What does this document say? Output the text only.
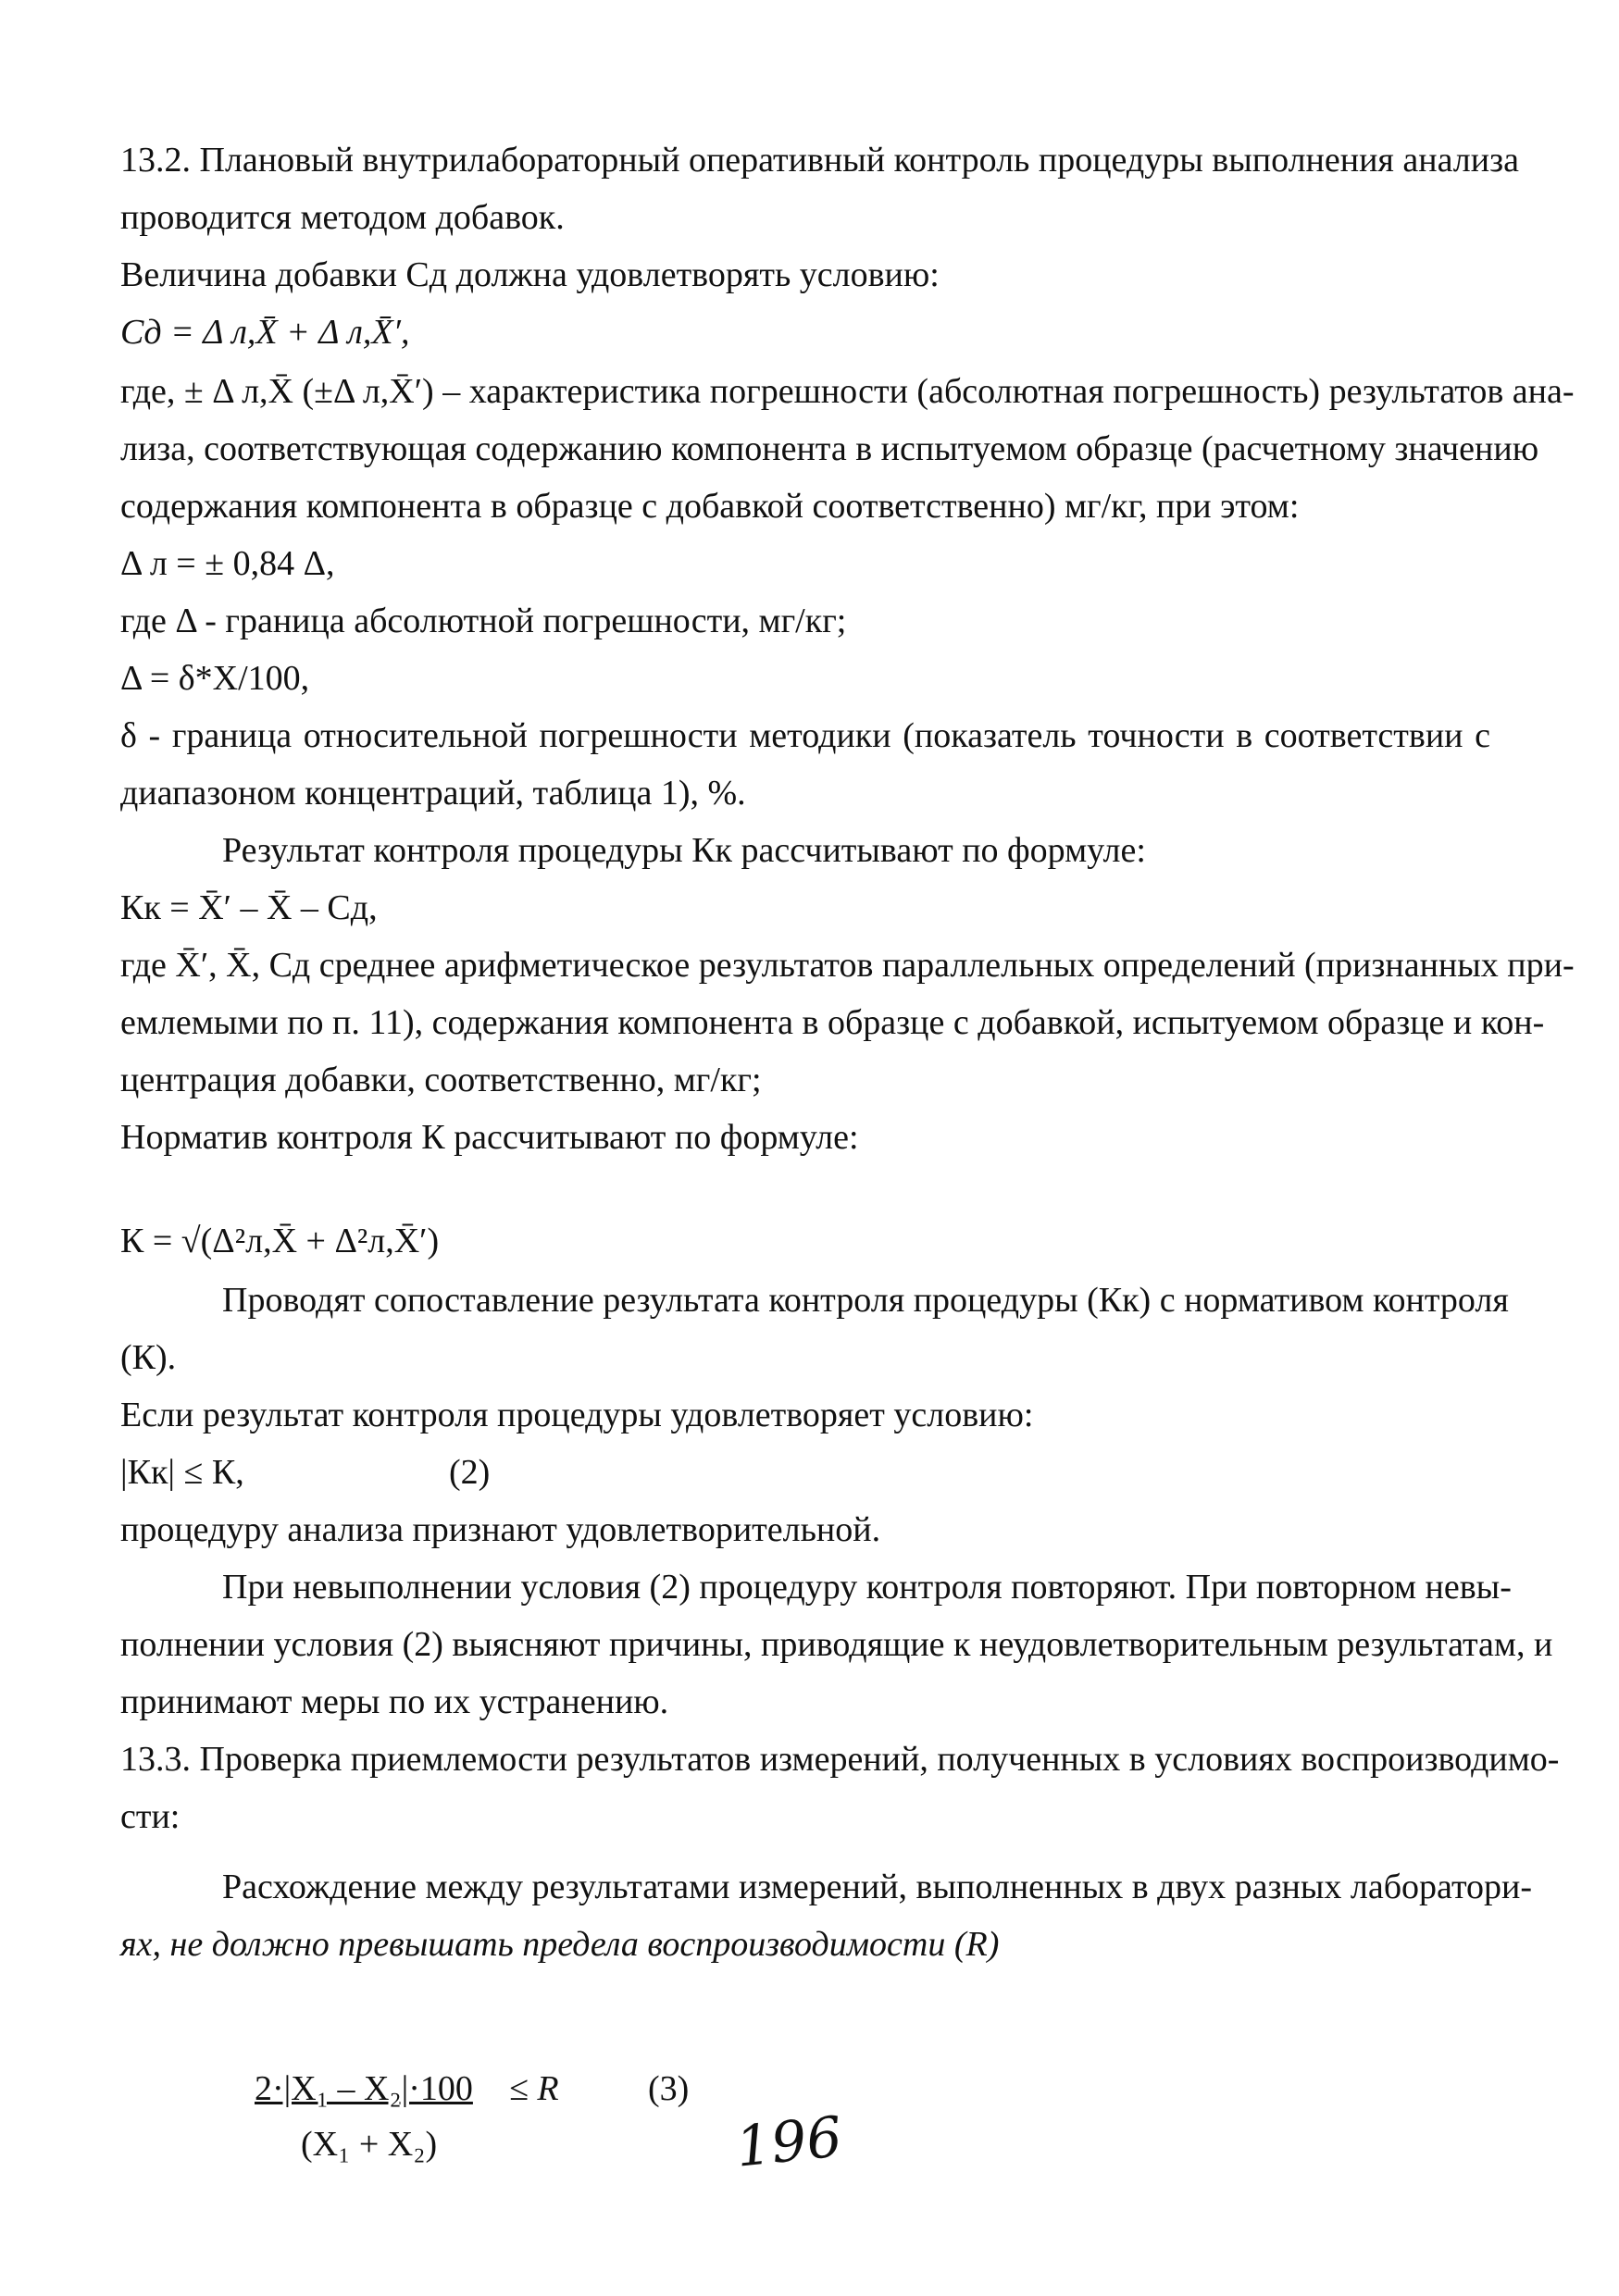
13.2. Плановый внутрилабораторный оперативный контроль процедуры выполнения анализа
проводится методом добавок.
Величина добавки Cд должна удовлетворять условию:
Cд = Δ л,X̄ + Δ л,X̄′,
где, ± Δ л,X̄ (±Δ л,X̄′) – характеристика погрешности (абсолютная погрешность) результатов ана-
лиза, соответствующая содержанию компонента в испытуемом образце (расчетному значению
содержания компонента в образце с добавкой соответственно) мг/кг, при этом:
Δ л = ± 0,84 Δ,
где Δ - граница абсолютной погрешности, мг/кг;
Δ = δ*X/100,
δ - граница относительной погрешности методики (показатель точности в соответствии с
диапазоном концентраций, таблица 1), %.
Результат контроля процедуры Кк рассчитывают по формуле:
Кк = X̄′ – X̄ – Cд,
где X̄′, X̄, Cд среднее арифметическое результатов параллельных определений (признанных при-
емлемыми по п. 11), содержания компонента в образце с добавкой, испытуемом образце и кон-
центрация добавки, соответственно, мг/кг;
Норматив контроля К рассчитывают по формуле:
К = √(Δ²л,X̄ + Δ²л,X̄′)
Проводят сопоставление результата контроля процедуры (Кк) с нормативом контроля
(К).
Если результат контроля процедуры удовлетворяет условию:
|Кк| ≤ К,	(2)
процедуру анализа признают удовлетворительной.
При невыполнении условия (2) процедуру контроля повторяют. При повторном невы-
полнении условия (2) выясняют причины, приводящие к неудовлетворительным результатам, и
принимают меры по их устранению.
13.3. Проверка приемлемости результатов измерений, полученных в условиях воспроизводимо-
сти:
Расхождение между результатами измерений, выполненных в двух разных лаборатори-
ях, не должно превышать предела воспроизводимости (R)
2·|X₁ – X₂|·100 ≤ R	(3)
(X₁ + X₂)	196
